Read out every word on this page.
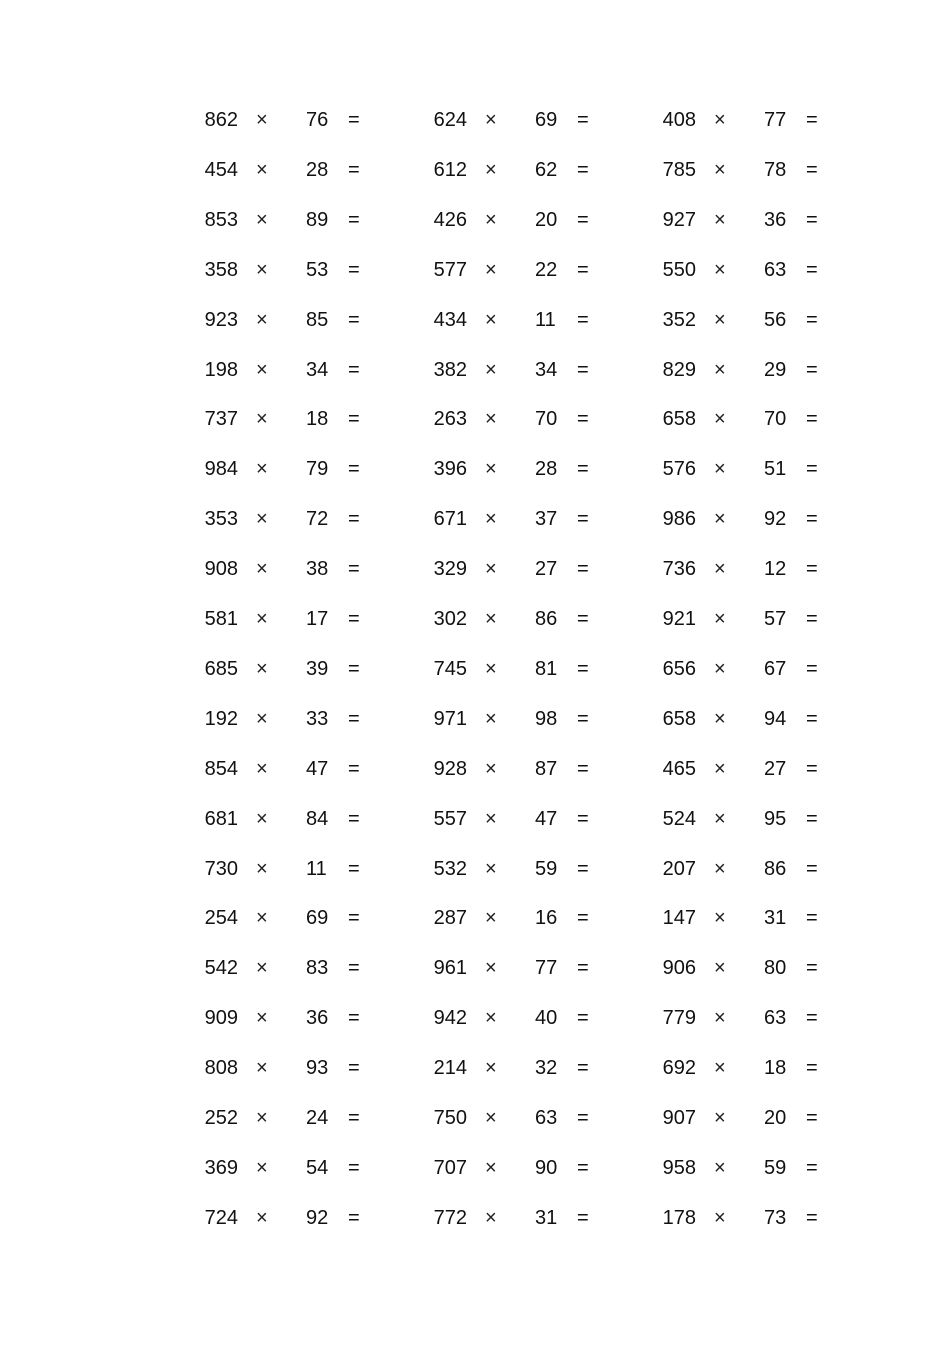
862 × 76 =
454 × 28 =
853 × 89 =
358 × 53 =
923 × 85 =
198 × 34 =
737 × 18 =
984 × 79 =
353 × 72 =
908 × 38 =
581 × 17 =
685 × 39 =
192 × 33 =
854 × 47 =
681 × 84 =
730 × 11 =
254 × 69 =
542 × 83 =
909 × 36 =
808 × 93 =
252 × 24 =
369 × 54 =
724 × 92 =
624 × 69 =
612 × 62 =
426 × 20 =
577 × 22 =
434 × 11 =
382 × 34 =
263 × 70 =
396 × 28 =
671 × 37 =
329 × 27 =
302 × 86 =
745 × 81 =
971 × 98 =
928 × 87 =
557 × 47 =
532 × 59 =
287 × 16 =
961 × 77 =
942 × 40 =
214 × 32 =
750 × 63 =
707 × 90 =
772 × 31 =
408 × 77 =
785 × 78 =
927 × 36 =
550 × 63 =
352 × 56 =
829 × 29 =
658 × 70 =
576 × 51 =
986 × 92 =
736 × 12 =
921 × 57 =
656 × 67 =
658 × 94 =
465 × 27 =
524 × 95 =
207 × 86 =
147 × 31 =
906 × 80 =
779 × 63 =
692 × 18 =
907 × 20 =
958 × 59 =
178 × 73 =
